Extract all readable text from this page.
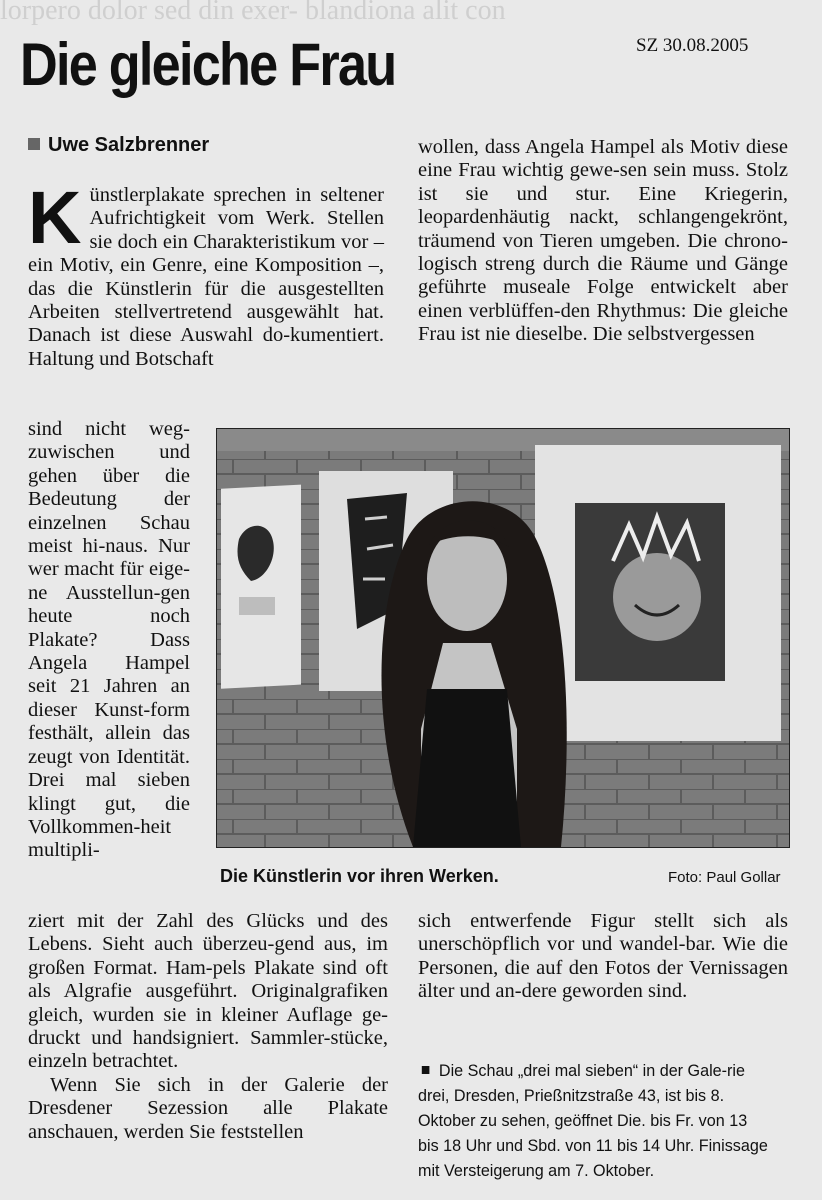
lorpero dolor sed din exer- blandiona alit con
SZ 30.08.2005
Die gleiche Frau
Uwe Salzbrenner

Künstlerplakate sprechen in seltener Aufrichtigkeit vom Werk. Stellen sie doch ein Charakteristikum vor – ein Motiv, ein Genre, eine Komposition –, das die Künstlerin für die ausgestellten Arbeiten stellvertretend ausgewählt hat. Danach ist diese Auswahl do-kumentiert. Haltung und Botschaft

sind nicht weg-zuwischen und gehen über die Bedeutung der einzelnen Schau meist hi-naus. Nur wer macht für eige-ne Ausstellun-gen heute noch Plakate? Dass Angela Hampel seit 21 Jahren an dieser Kunst-form festhält, allein das zeugt von Identität. Drei mal sieben klingt gut, die Vollkommen-heit multipli-

ziert mit der Zahl des Glücks und des Lebens. Sieht auch überzeu-gend aus, im großen Format. Ham-pels Plakate sind oft als Algrafie ausgeführt. Originalgrafiken gleich, wurden sie in kleiner Auflage ge-druckt und handsigniert. Sammler-stücke, einzeln betrachtet.

Wenn Sie sich in der Galerie der Dresdener Sezession alle Plakate anschauen, werden Sie feststellen

wollen, dass Angela Hampel als Motiv diese eine Frau wichtig gewe-sen sein muss. Stolz ist sie und stur. Eine Kriegerin, leopardenhäutig nackt, schlangengekrönt, träumend von Tieren umgeben. Die chrono-logisch streng durch die Räume und Gänge geführte museale Folge entwickelt aber einen verblüffen-den Rhythmus: Die gleiche Frau ist nie dieselbe. Die selbstvergessen

Die Künstlerin vor ihren Werken.	Foto: Paul Gollar

sich entwerfende Figur stellt sich als unerschöpflich vor und wandel-bar. Wie die Personen, die auf den Fotos der Vernissagen älter und an-dere geworden sind.

Die Schau „drei mal sieben“ in der Gale-rie drei, Dresden, Prießnitzstraße 43, ist bis 8. Oktober zu sehen, geöffnet Die. bis Fr. von 13 bis 18 Uhr und Sbd. von 11 bis 14 Uhr. Finissage mit Versteigerung am 7. Oktober.
